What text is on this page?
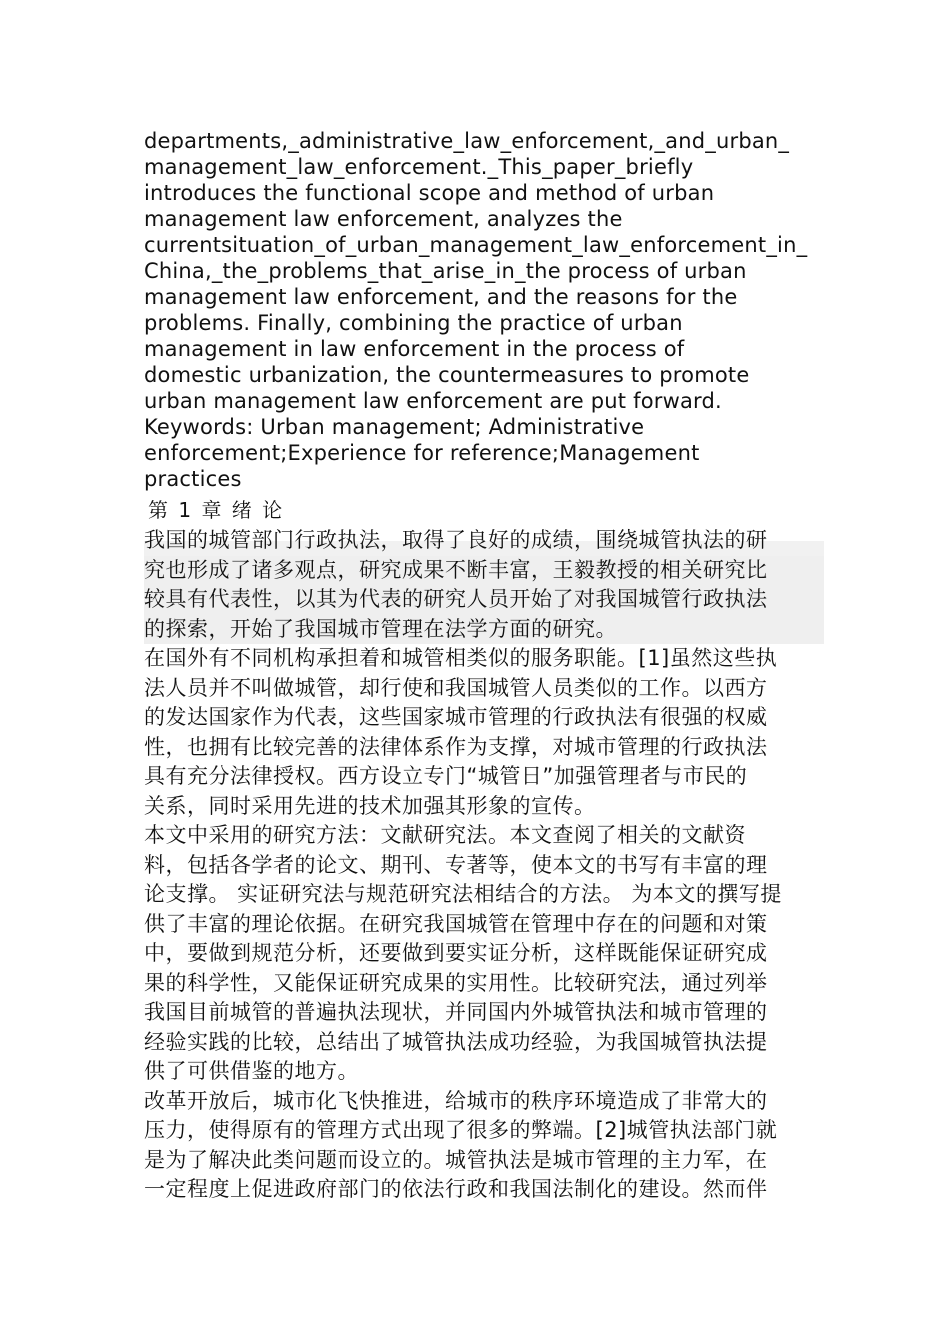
departments,_administrative_law_enforcement,_and_urban_
management_law_enforcement._This_paper_briefly
introduces the functional scope and method of urban
management law enforcement, analyzes the
currentsituation_of_urban_management_law_enforcement_in_
China,_the_problems_that_arise_in_the process of urban
management law enforcement, and the reasons for the
problems. Finally, combining the practice of urban
management in law enforcement in the process of
domestic urbanization, the countermeasures to promote
urban management law enforcement are put forward.
Keywords: Urban management; Administrative
enforcement;Experience for reference;Management
practices
第 1 章 绪 论
我国的城管部门行政执法，取得了良好的成绩，围绕城管执法的研
究也形成了诸多观点，研究成果不断丰富，王毅教授的相关研究比
较具有代表性，以其为代表的研究人员开始了对我国城管行政执法
的探索，开始了我国城市管理在法学方面的研究。
在国外有不同机构承担着和城管相类似的服务职能。[1]虽然这些执
法人员并不叫做城管，却行使和我国城管人员类似的工作。以西方
的发达国家作为代表，这些国家城市管理的行政执法有很强的权威
性，也拥有比较完善的法律体系作为支撑，对城市管理的行政执法
具有充分法律授权。西方设立专门“城管日”加强管理者与市民的
关系，同时采用先进的技术加强其形象的宣传。
本文中采用的研究方法：文献研究法。本文查阅了相关的文献资
料，包括各学者的论文、期刊、专著等，使本文的书写有丰富的理
论支撑。 实证研究法与规范研究法相结合的方法。 为本文的撰写提
供了丰富的理论依据。在研究我国城管在管理中存在的问题和对策
中，要做到规范分析，还要做到要实证分析，这样既能保证研究成
果的科学性，又能保证研究成果的实用性。比较研究法，通过列举
我国目前城管的普遍执法现状，并同国内外城管执法和城市管理的
经验实践的比较，总结出了城管执法成功经验，为我国城管执法提
供了可供借鉴的地方。
改革开放后，城市化飞快推进，给城市的秩序环境造成了非常大的
压力，使得原有的管理方式出现了很多的弊端。[2]城管执法部门就
是为了解决此类问题而设立的。城管执法是城市管理的主力军，在
一定程度上促进政府部门的依法行政和我国法制化的建设。然而伴
